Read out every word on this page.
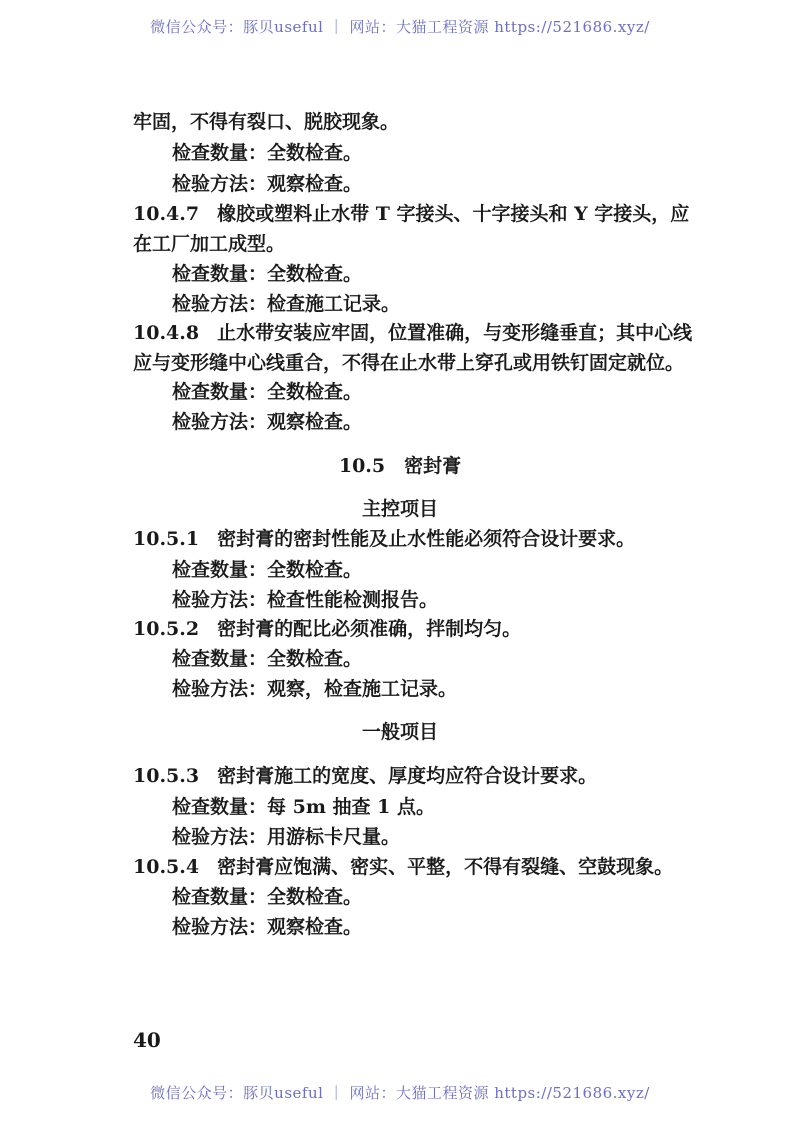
微信公众号：豚贝useful ｜ 网站：大猫工程资源 https://521686.xyz/
牢固，不得有裂口、脱胶现象。
检查数量：全数检查。
检验方法：观察检查。
10.4.7 橡胶或塑料止水带 T 字接头、十字接头和 Y 字接头，应
在工厂加工成型。
检查数量：全数检查。
检验方法：检查施工记录。
10.4.8 止水带安装应牢固，位置准确，与变形缝垂直；其中心线
应与变形缝中心线重合，不得在止水带上穿孔或用铁钉固定就位。
检查数量：全数检查。
检验方法：观察检查。
10.5　密封膏
主控项目
10.5.1 密封膏的密封性能及止水性能必须符合设计要求。
检查数量：全数检查。
检验方法：检查性能检测报告。
10.5.2 密封膏的配比必须准确，拌制均匀。
检查数量：全数检查。
检验方法：观察，检查施工记录。
一般项目
10.5.3 密封膏施工的宽度、厚度均应符合设计要求。
检查数量：每 5m 抽查 1 点。
检验方法：用游标卡尺量。
10.5.4 密封膏应饱满、密实、平整，不得有裂缝、空鼓现象。
检查数量：全数检查。
检验方法：观察检查。
40
微信公众号：豚贝useful ｜ 网站：大猫工程资源 https://521686.xyz/
